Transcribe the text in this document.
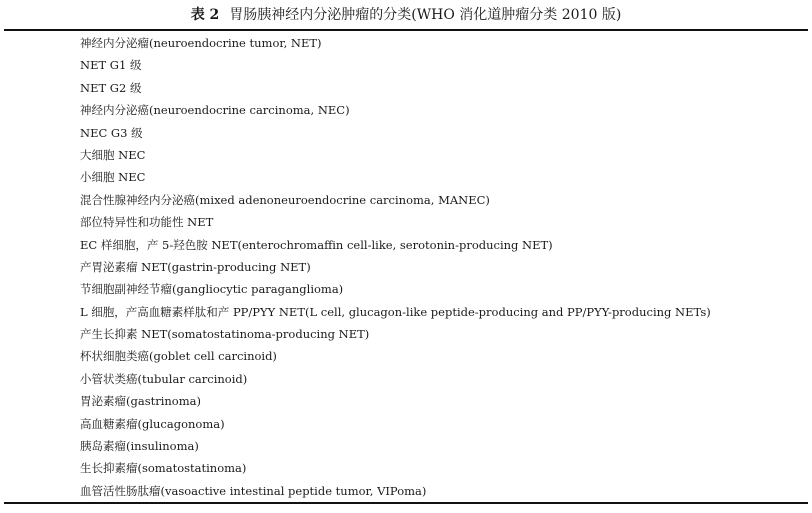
表 2 胃肠胰神经内分泌肿瘤的分类(WHO 消化道肿瘤分类 2010 版)
神经内分泌瘤(neuroendocrine tumor, NET)
NET G1 级
NET G2 级
神经内分泌癌(neuroendocrine carcinoma, NEC)
NEC G3 级
大细胞 NEC
小细胞 NEC
混合性腺神经内分泌癌(mixed adenoneuroendocrine carcinoma, MANEC)
部位特异性和功能性 NET
EC 样细胞，产 5-羟色胺 NET(enterochromaffin cell-like, serotonin-producing NET)
产胃泌素瘤 NET(gastrin-producing NET)
节细胞副神经节瘤(gangliocytic paraganglioma)
L 细胞，产高血糖素样肽和产 PP/PYY NET(L cell, glucagon-like peptide-producing and PP/PYY-producing NETs)
产生长抑素 NET(somatostatinoma-producing NET)
杯状细胞类癌(goblet cell carcinoid)
小管状类癌(tubular carcinoid)
胃泌素瘤(gastrinoma)
高血糖素瘤(glucagonoma)
胰岛素瘤(insulinoma)
生长抑素瘤(somatostatinoma)
血管活性肠肽瘤(vasoactive intestinal peptide tumor, VIPoma)
